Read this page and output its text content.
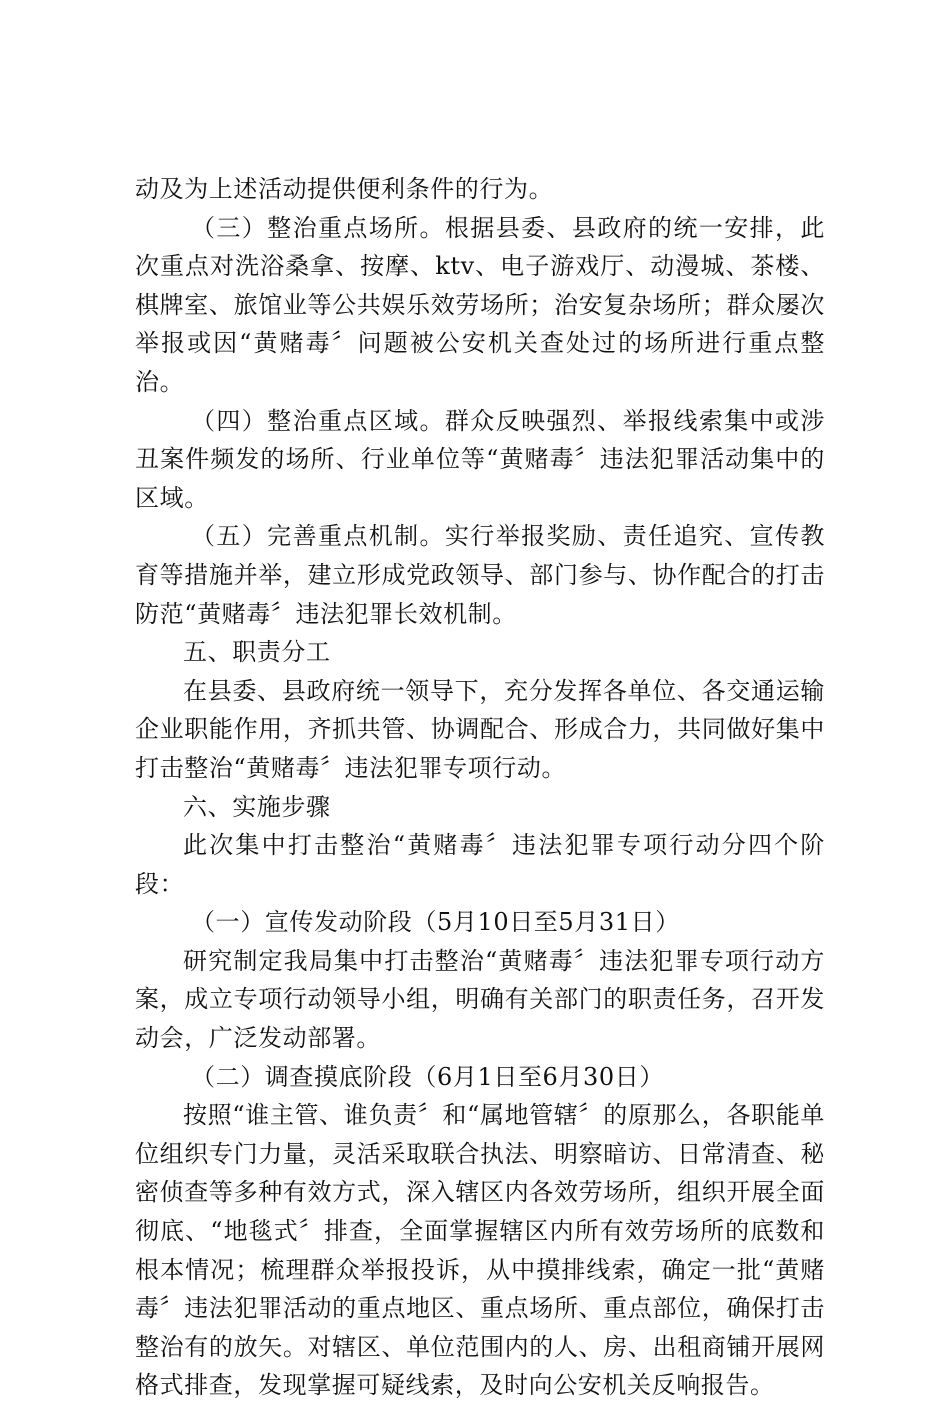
动及为上述活动提供便利条件的行为。

（三）整治重点场所。根据县委、县政府的统一安排，此次重点对洗浴桑拿、按摩、ktv、电子游戏厅、动漫城、茶楼、棋牌室、旅馆业等公共娱乐效劳场所；治安复杂场所；群众屡次举报或因“黄赌毒〞问题被公安机关查处过的场所进行重点整治。

（四）整治重点区域。群众反映强烈、举报线索集中或涉丑案件频发的场所、行业单位等“黄赌毒〞违法犯罪活动集中的区域。

（五）完善重点机制。实行举报奖励、责任追究、宣传教育等措施并举，建立形成党政领导、部门参与、协作配合的打击防范“黄赌毒〞违法犯罪长效机制。

五、职责分工

在县委、县政府统一领导下，充分发挥各单位、各交通运输企业职能作用，齐抓共管、协调配合、形成合力，共同做好集中打击整治“黄赌毒〞违法犯罪专项行动。

六、实施步骤

此次集中打击整治“黄赌毒〞违法犯罪专项行动分四个阶段：

（一）宣传发动阶段（5月10日至5月31日）

研究制定我局集中打击整治“黄赌毒〞违法犯罪专项行动方案，成立专项行动领导小组，明确有关部门的职责任务，召开发动会，广泛发动部署。

（二）调查摸底阶段（6月1日至6月30日）

按照“谁主管、谁负责〞和“属地管辖〞的原那么，各职能单位组织专门力量，灵活采取联合执法、明察暗访、日常清查、秘密侦查等多种有效方式，深入辖区内各效劳场所，组织开展全面彻底、“地毯式〞排查，全面掌握辖区内所有效劳场所的底数和根本情况；梳理群众举报投诉，从中摸排线索，确定一批“黄赌毒〞违法犯罪活动的重点地区、重点场所、重点部位，确保打击整治有的放矢。对辖区、单位范围内的人、房、出租商铺开展网格式排查，发现掌握可疑线索，及时向公安机关反响报告。
